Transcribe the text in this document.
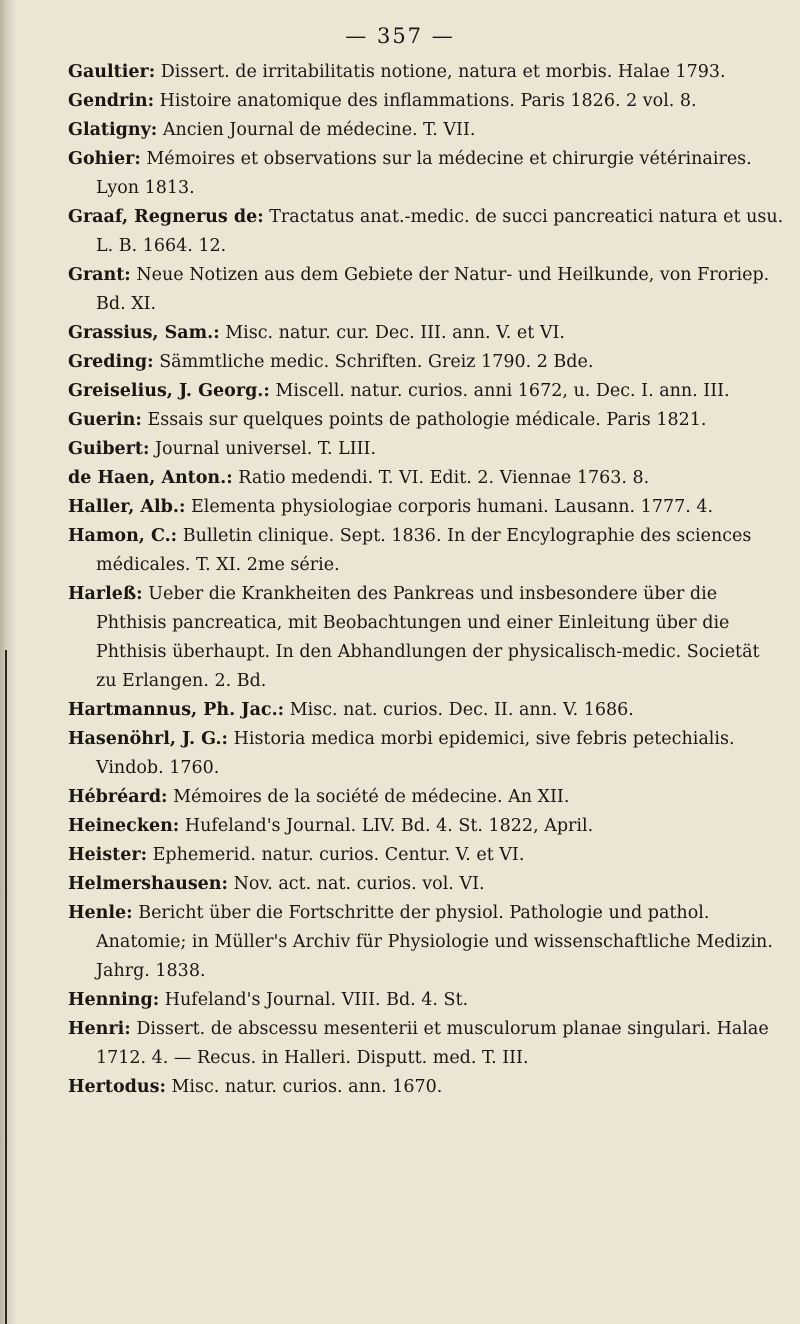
— 357 —

Gaultier: Dissert. de irritabilitatis notione, natura et morbis. Halae 1793.

Gendrin: Histoire anatomique des inflammations. Paris 1826. 2 vol. 8.

Glatigny: Ancien Journal de médecine. T. VII.

Gohier: Mémoires et observations sur la médecine et chirurgie vétérinaires. Lyon 1813.

Graaf, Regnerus de: Tractatus anat.-medic. de succi pancreatici natura et usu. L. B. 1664. 12.

Grant: Neue Notizen aus dem Gebiete der Natur- und Heilkunde, von Froriep. Bd. XI.

Grassius, Sam.: Misc. natur. cur. Dec. III. ann. V. et VI.

Greding: Sämmtliche medic. Schriften. Greiz 1790. 2 Bde.

Greiselius, J. Georg.: Miscell. natur. curios. anni 1672, u. Dec. I. ann. III.

Guerin: Essais sur quelques points de pathologie médicale. Paris 1821.

Guibert: Journal universel. T. LIII.

de Haen, Anton.: Ratio medendi. T. VI. Edit. 2. Viennae 1763. 8.

Haller, Alb.: Elementa physiologiae corporis humani. Lausann. 1777. 4.

Hamon, C.: Bulletin clinique. Sept. 1836. In der Encylographie des sciences médicales. T. XI. 2me série.

Harleß: Ueber die Krankheiten des Pankreas und insbesondere über die Phthisis pancreatica, mit Beobachtungen und einer Einleitung über die Phthisis überhaupt. In den Abhandlungen der physicalisch-medic. Societät zu Erlangen. 2. Bd.

Hartmannus, Ph. Jac.: Misc. nat. curios. Dec. II. ann. V. 1686.

Hasenöhrl, J. G.: Historia medica morbi epidemici, sive febris petechialis. Vindob. 1760.

Hébréard: Mémoires de la société de médecine. An XII.

Heinecken: Hufeland's Journal. LIV. Bd. 4. St. 1822, April.

Heister: Ephemerid. natur. curios. Centur. V. et VI.

Helmershausen: Nov. act. nat. curios. vol. VI.

Henle: Bericht über die Fortschritte der physiol. Pathologie und pathol. Anatomie; in Müller's Archiv für Physiologie und wissenschaftliche Medizin. Jahrg. 1838.

Henning: Hufeland's Journal. VIII. Bd. 4. St.

Henri: Dissert. de abscessu mesenterii et musculorum planae singulari. Halae 1712. 4. — Recus. in Halleri. Disputt. med. T. III.

Hertodus: Misc. natur. curios. ann. 1670.
